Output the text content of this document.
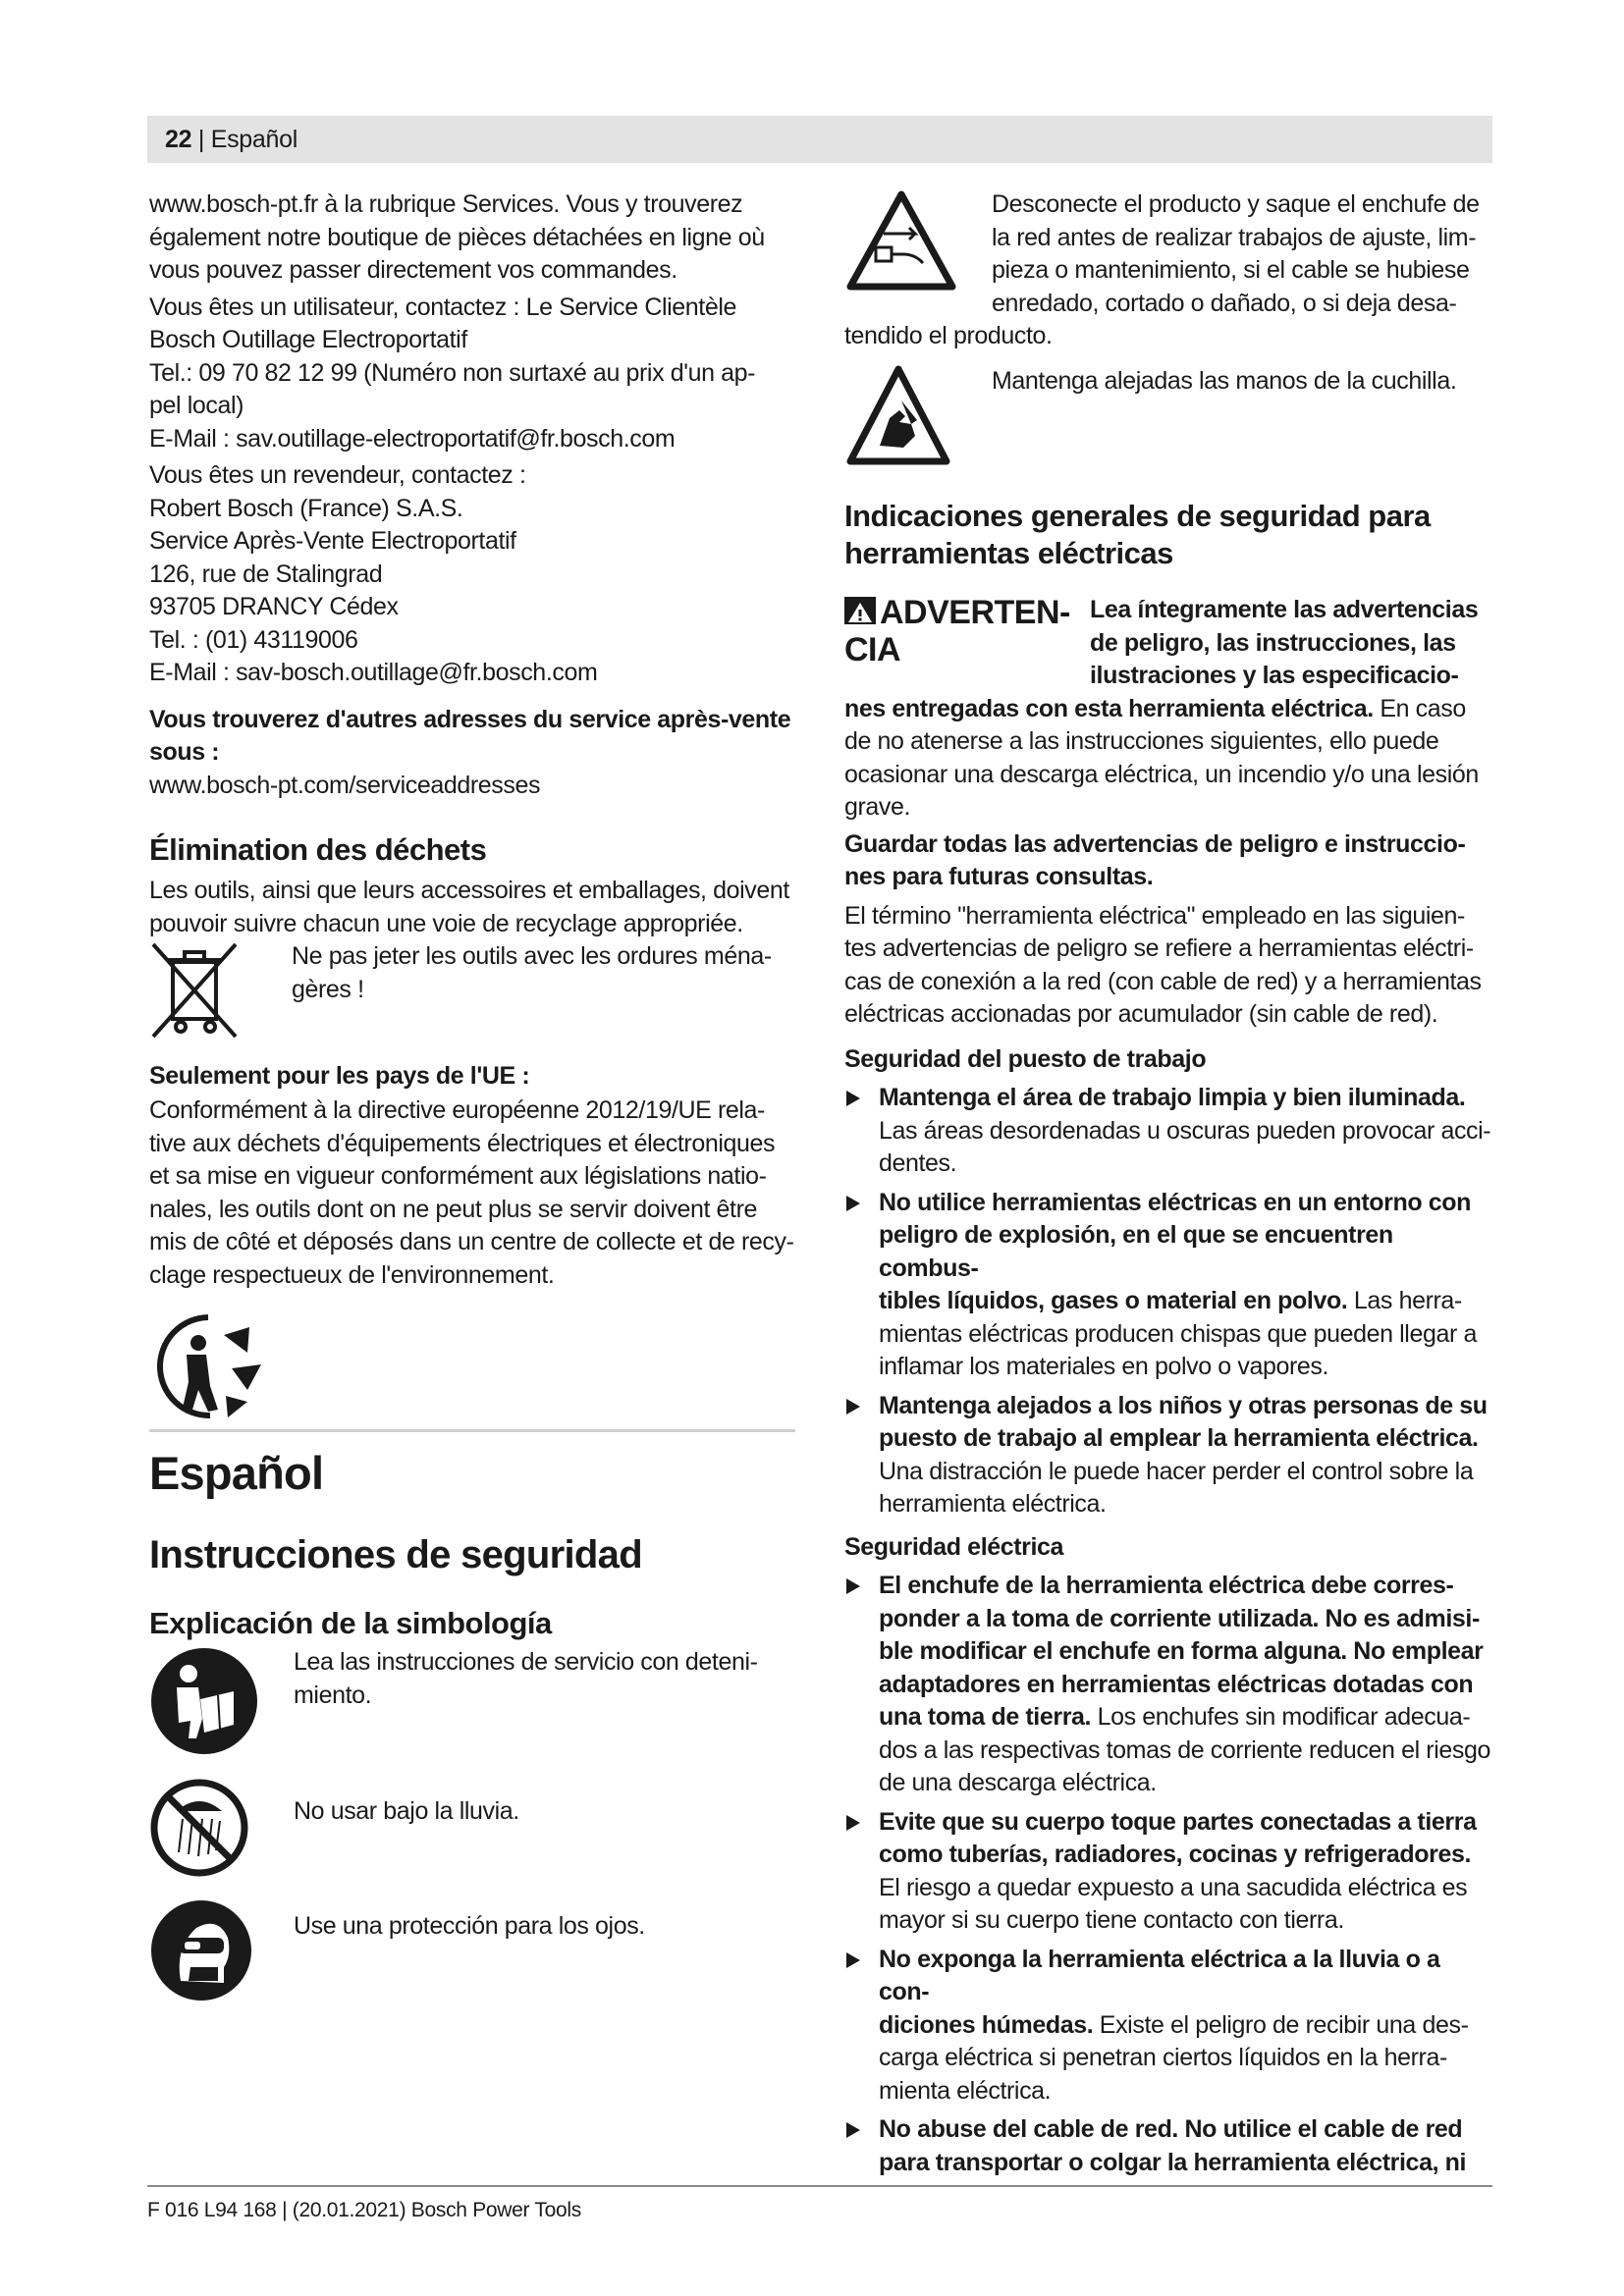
22 | Español

www.bosch-pt.fr à la rubrique Services. Vous y trouverez

également notre boutique de pièces détachées en ligne où

vous pouvez passer directement vos commandes.

Vous êtes un utilisateur, contactez : Le Service Clientèle

Bosch Outillage Electroportatif

Tel.: 09 70 82 12 99 (Numéro non surtaxé au prix d'un ap-

pel local)

E-Mail : sav.outillage-electroportatif@fr.bosch.com

Vous êtes un revendeur, contactez :

Robert Bosch (France) S.A.S.

Service Après-Vente Electroportatif

126, rue de Stalingrad

93705 DRANCY Cédex

Tel. : (01) 43119006

E-Mail : sav-bosch.outillage@fr.bosch.com

Vous trouverez d'autres adresses du service après-vente

sous :

www.bosch-pt.com/serviceaddresses

Élimination des déchets

Les outils, ainsi que leurs accessoires et emballages, doivent

pouvoir suivre chacun une voie de recyclage appropriée.

Ne pas jeter les outils avec les ordures ména-

gères !

Seulement pour les pays de l'UE :

Conformément à la directive européenne 2012/19/UE rela-

tive aux déchets d'équipements électriques et électroniques

et sa mise en vigueur conformément aux législations natio-

nales, les outils dont on ne peut plus se servir doivent être

mis de côté et déposés dans un centre de collecte et de recy-

clage respectueux de l'environnement.

Español
Instrucciones de seguridad
Explicación de la simbología

Lea las instrucciones de servicio con deteni-

miento.

No usar bajo la lluvia.

Use una protección para los ojos.

Desconecte el producto y saque el enchufe de

la red antes de realizar trabajos de ajuste, lim-

pieza o mantenimiento, si el cable se hubiese

enredado, cortado o dañado, o si deja desa-

tendido el producto.

Mantenga alejadas las manos de la cuchilla.

Indicaciones generales de seguridad para
herramientas eléctricas
ADVERTEN-
CIA

Lea íntegramente las advertencias

de peligro, las instrucciones, las

ilustraciones y las especificacio-

nes entregadas con esta herramienta eléctrica. En caso

de no atenerse a las instrucciones siguientes, ello puede

ocasionar una descarga eléctrica, un incendio y/o una lesión

grave.

Guardar todas las advertencias de peligro e instruccio-

nes para futuras consultas.

El término "herramienta eléctrica" empleado en las siguien-

tes advertencias de peligro se refiere a herramientas eléctri-

cas de conexión a la red (con cable de red) y a herramientas

eléctricas accionadas por acumulador (sin cable de red).

Seguridad del puesto de trabajo

Mantenga el área de trabajo limpia y bien iluminada.

Las áreas desordenadas u oscuras pueden provocar acci-

dentes.

No utilice herramientas eléctricas en un entorno con

peligro de explosión, en el que se encuentren combus-

tibles líquidos, gases o material en polvo. Las herra-

mientas eléctricas producen chispas que pueden llegar a

inflamar los materiales en polvo o vapores.

Mantenga alejados a los niños y otras personas de su

puesto de trabajo al emplear la herramienta eléctrica.

Una distracción le puede hacer perder el control sobre la

herramienta eléctrica.

Seguridad eléctrica

El enchufe de la herramienta eléctrica debe corres-

ponder a la toma de corriente utilizada. No es admisi-

ble modificar el enchufe en forma alguna. No emplear

adaptadores en herramientas eléctricas dotadas con

una toma de tierra. Los enchufes sin modificar adecua-

dos a las respectivas tomas de corriente reducen el riesgo

de una descarga eléctrica.

Evite que su cuerpo toque partes conectadas a tierra

como tuberías, radiadores, cocinas y refrigeradores.

El riesgo a quedar expuesto a una sacudida eléctrica es

mayor si su cuerpo tiene contacto con tierra.

No exponga la herramienta eléctrica a la lluvia o a con-

diciones húmedas. Existe el peligro de recibir una des-

carga eléctrica si penetran ciertos líquidos en la herra-

mienta eléctrica.

No abuse del cable de red. No utilice el cable de red

para transportar o colgar la herramienta eléctrica, ni

F 016 L94 168 | (20.01.2021) Bosch Power Tools
